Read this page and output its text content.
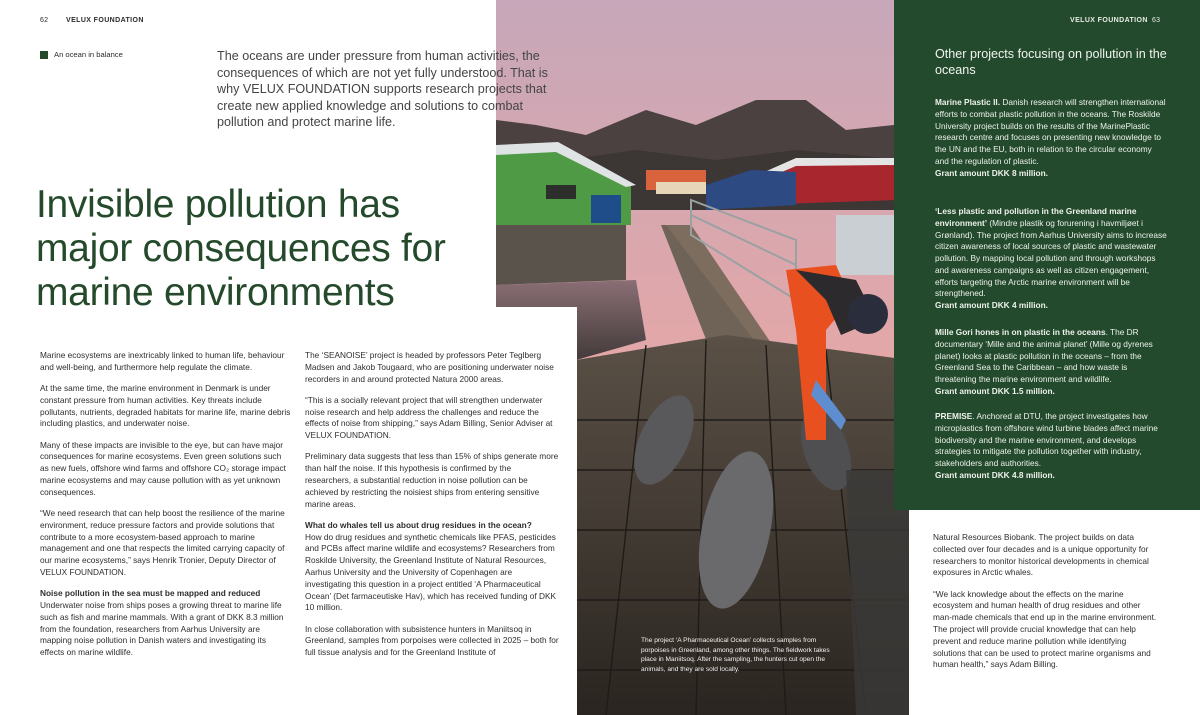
Other projects focusing on pollution in the oceans
Marine Plastic II. Danish research will strengthen international efforts to combat plastic pollution in the oceans. The Roskilde University project builds on the results of the MarinePlastic research centre and focuses on presenting new knowledge to the UN and the EU, both in relation to the circular economy and the regulation of plastic.
Grant amount DKK 8 million.
‘Less plastic and pollution in the Greenland marine environment’ (Mindre plastik og forurening i havmiljøet i Grønland). The project from Aarhus University aims to increase citizen awareness of local sources of plastic and wastewater pollution. By mapping local pollution and through workshops and awareness campaigns as well as citizen engagement, efforts targeting the Arctic marine environment will be strengthened.
Grant amount DKK 4 million.
Mille Gori hones in on plastic in the oceans. The DR documentary ‘Mille and the animal planet’ (Mille og dyrenes planet) looks at plastic pollution in the oceans – from the Greenland Sea to the Caribbean – and how waste is threatening the marine environment and wildlife.
Grant amount DKK 1.5 million.
PREMISE. Anchored at DTU, the project investigates how microplastics from offshore wind turbine blades affect marine biodiversity and the marine environment, and develops strategies to mitigate the pollution together with industry, stakeholders and authorities.
Grant amount DKK 4.8 million.
VELUX FOUNDATION 63
62	VELUX FOUNDATION
An ocean in balance	The oceans are under pressure from human activities, the consequences of which are not yet fully understood. That is why VELUX FOUNDATION supports research projects that create new applied knowledge and solutions to combat pollution and protect marine life.
Invisible pollution has major consequences for marine environments

Marine ecosystems are inextricably linked to human life, behaviour and well-being, and furthermore help regulate the climate.

At the same time, the marine environment in Denmark is under constant pressure from human activities. Key threats include pollutants, nutrients, degraded habitats for marine life, marine debris including plastics, and underwater noise.

Many of these impacts are invisible to the eye, but can have major consequences for marine ecosystems. Even green solutions such as new fuels, offshore wind farms and offshore CO₂ storage impact marine ecosystems and may cause pollution with as yet unknown consequences.

“We need research that can help boost the resilience of the marine environment, reduce pressure factors and provide solutions that contribute to a more ecosystem-based approach to marine management and one that respects the limited carrying capacity of our marine ecosystems,” says Henrik Tronier, Deputy Director of VELUX FOUNDATION.

Noise pollution in the sea must be mapped and reduced
Underwater noise from ships poses a growing threat to marine life such as fish and marine mammals. With a grant of DKK 8.3 million from the foundation, researchers from Aarhus University are mapping noise pollution in Danish waters and investigating its effects on marine wildlife.

The ‘SEANOISE’ project is headed by professors Peter Teglberg Madsen and Jakob Tougaard, who are positioning underwater noise recorders in and around protected Natura 2000 areas.

“This is a socially relevant project that will strengthen underwater noise research and help address the challenges and reduce the effects of noise from shipping,” says Adam Billing, Senior Adviser at VELUX FOUNDATION.

Preliminary data suggests that less than 15% of ships generate more than half the noise. If this hypothesis is confirmed by the researchers, a substantial reduction in noise pollution can be achieved by restricting the noisiest ships from entering sensitive marine areas.

What do whales tell us about drug residues in the ocean?
How do drug residues and synthetic chemicals like PFAS, pesticides and PCBs affect marine wildlife and ecosystems? Researchers from Roskilde University, the Greenland Institute of Natural Resources, Aarhus University and the University of Copenhagen are investigating this question in a project entitled ‘A Pharmaceutical Ocean’ (Det farmaceutiske Hav), which has received funding of DKK 10 million.

In close collaboration with subsistence hunters in Maniitsoq in Greenland, samples from porpoises were collected in 2025 – both for full tissue analysis and for the Greenland Institute of

The project ‘A Pharmaceutical Ocean’ collects samples from porpoises in Greenland, among other things. The fieldwork takes place in Maniitsoq. After the sampling, the hunters cut open the animals, and they are sold locally.

Natural Resources Biobank. The project builds on data collected over four decades and is a unique opportunity for researchers to monitor historical developments in chemical exposures in Arctic whales.

“We lack knowledge about the effects on the marine ecosystem and human health of drug residues and other man-made chemicals that end up in the marine environment. The project will provide crucial knowledge that can help prevent and reduce marine pollution while identifying solutions that can be used to protect marine organisms and human health,” says Adam Billing.
